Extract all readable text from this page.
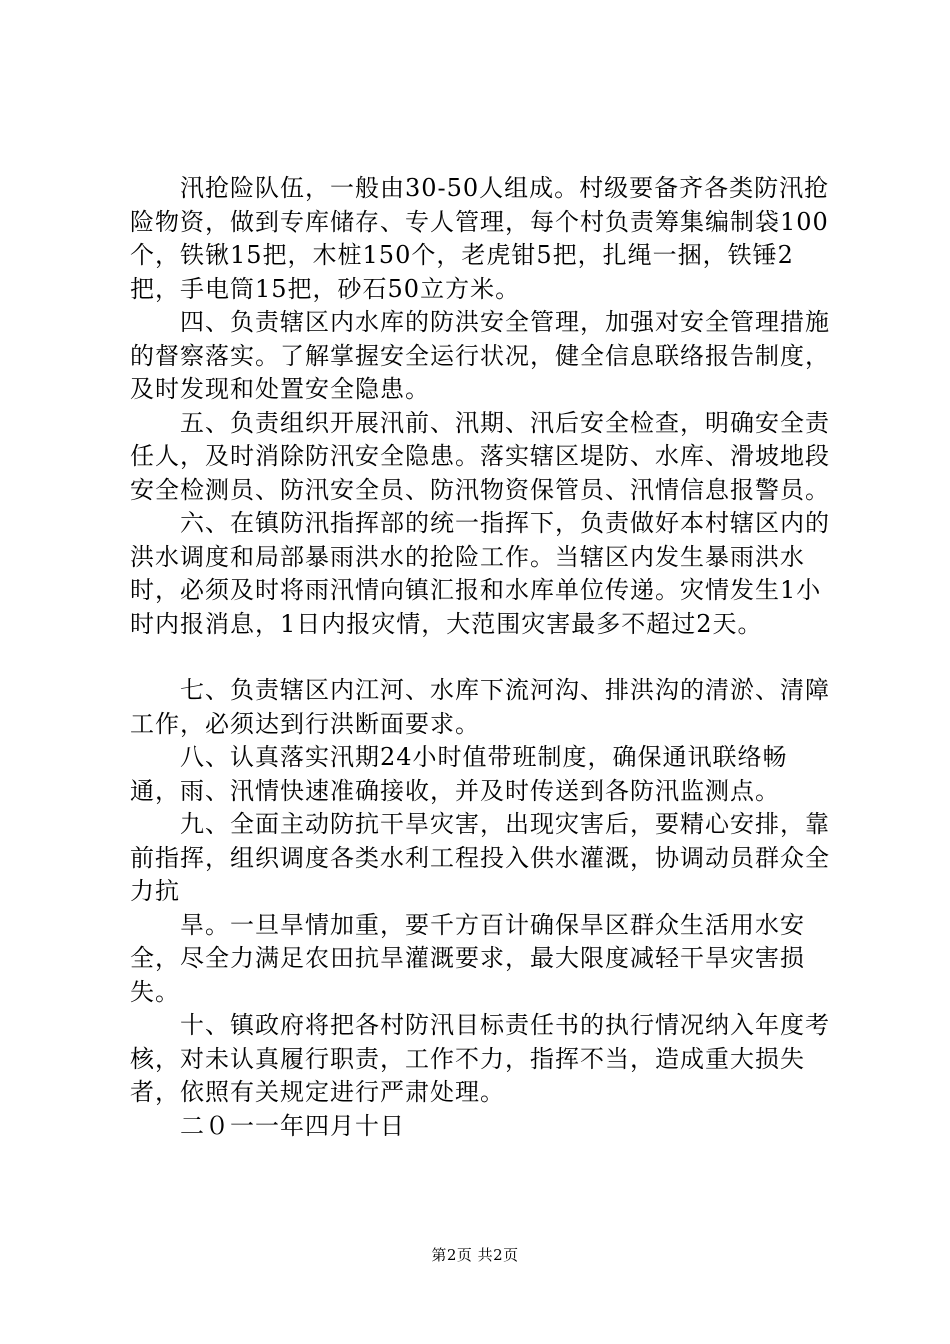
汛抢险队伍，一般由30-50人组成。村级要备齐各类防汛抢险物资，做到专库储存、专人管理，每个村负责筹集编制袋100个，铁锹15把，木桩150个，老虎钳5把，扎绳一捆，铁锤2把，手电筒15把，砂石50立方米。

四、负责辖区内水库的防洪安全管理，加强对安全管理措施的督察落实。了解掌握安全运行状况，健全信息联络报告制度，及时发现和处置安全隐患。

五、负责组织开展汛前、汛期、汛后安全检查，明确安全责任人，及时消除防汛安全隐患。落实辖区堤防、水库、滑坡地段安全检测员、防汛安全员、防汛物资保管员、汛情信息报警员。

六、在镇防汛指挥部的统一指挥下，负责做好本村辖区内的洪水调度和局部暴雨洪水的抢险工作。当辖区内发生暴雨洪水时，必须及时将雨汛情向镇汇报和水库单位传递。灾情发生1小时内报消息，1日内报灾情，大范围灾害最多不超过2天。

七、负责辖区内江河、水库下流河沟、排洪沟的清淤、清障工作，必须达到行洪断面要求。

八、认真落实汛期24小时值带班制度，确保通讯联络畅通，雨、汛情快速准确接收，并及时传送到各防汛监测点。

九、全面主动防抗干旱灾害，出现灾害后，要精心安排，靠前指挥，组织调度各类水利工程投入供水灌溉，协调动员群众全力抗

旱。一旦旱情加重，要千方百计确保旱区群众生活用水安全，尽全力满足农田抗旱灌溉要求，最大限度减轻干旱灾害损失。

十、镇政府将把各村防汛目标责任书的执行情况纳入年度考核，对未认真履行职责，工作不力，指挥不当，造成重大损失者，依照有关规定进行严肃处理。

二０一一年四月十日

第2页 共2页
